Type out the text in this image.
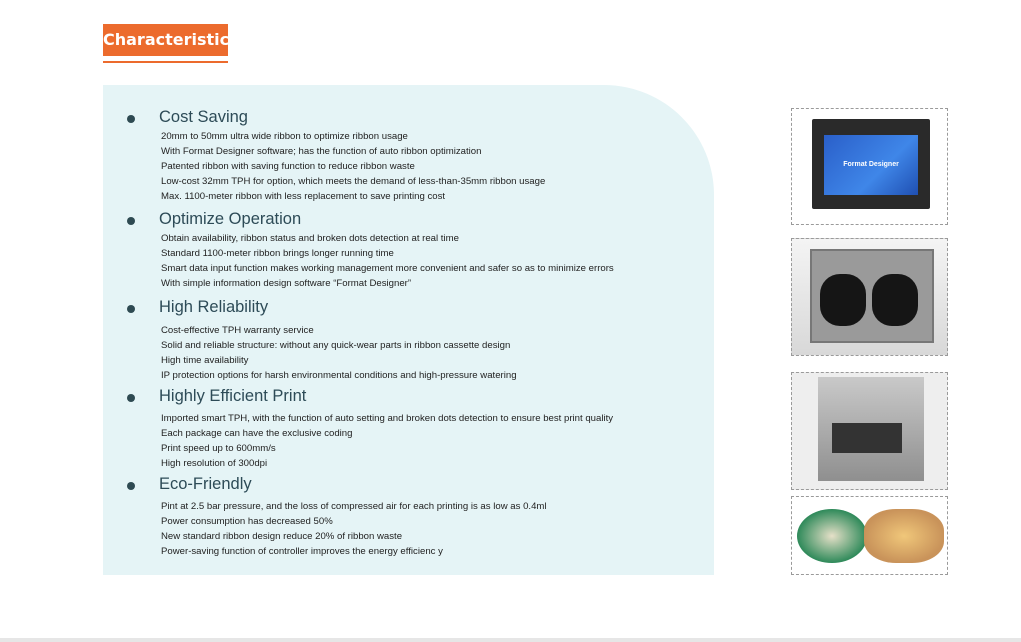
Characteristic
Cost Saving
20mm to 50mm ultra wide ribbon to optimize ribbon usage
With Format Designer software; has the function of auto ribbon optimization
Patented ribbon with saving function to reduce ribbon waste
Low-cost 32mm TPH for option, which meets the demand of less-than-35mm ribbon usage
Max. 1100-meter ribbon with less replacement to save printing cost
Optimize Operation
Obtain availability, ribbon status and broken dots detection at real time
Standard 1100-meter ribbon brings longer running time
Smart data input function makes working management more convenient and safer so as to minimize errors
With simple information design software “Format Designer”
High Reliability
Cost-effective TPH warranty service
Solid and reliable structure: without any quick-wear parts in ribbon cassette design
High time availability
IP protection options for harsh environmental conditions and high-pressure watering
Highly Efficient Print
Imported smart TPH, with the function of auto setting and broken dots detection to ensure best print quality
Each package can have the exclusive coding
Print speed up to 600mm/s
High resolution of 300dpi
Eco-Friendly
Pint at 2.5 bar pressure, and the loss of compressed air for each printing is as low as 0.4ml
Power consumption has decreased 50%
New standard ribbon design reduce 20% of ribbon waste
Power-saving function of controller improves the energy efficienc y
Format Designer
